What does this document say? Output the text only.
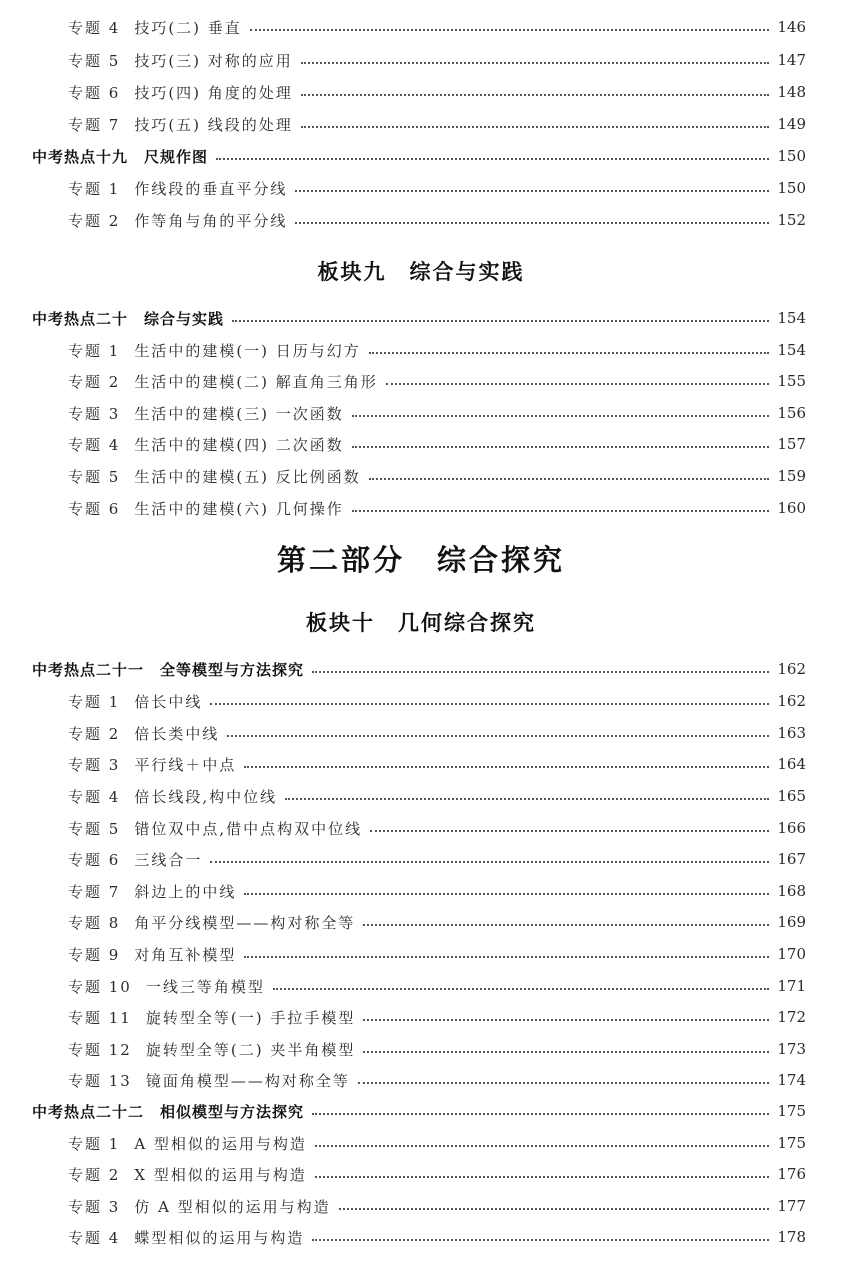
专题 4 技巧(二) 垂直	146
专题 5 技巧(三) 对称的应用	147
专题 6 技巧(四) 角度的处理	148
专题 7 技巧(五) 线段的处理	149
中考热点十九 尺规作图	150
专题 1 作线段的垂直平分线	150
专题 2 作等角与角的平分线	152
板块九　综合与实践
中考热点二十 综合与实践	154
专题 1 生活中的建模(一) 日历与幻方	154
专题 2 生活中的建模(二) 解直角三角形	155
专题 3 生活中的建模(三) 一次函数	156
专题 4 生活中的建模(四) 二次函数	157
专题 5 生活中的建模(五) 反比例函数	159
专题 6 生活中的建模(六) 几何操作	160
第二部分　综合探究
板块十　几何综合探究
中考热点二十一 全等模型与方法探究	162
专题 1 倍长中线	162
专题 2 倍长类中线	163
专题 3 平行线＋中点	164
专题 4 倍长线段,构中位线	165
专题 5 错位双中点,借中点构双中位线	166
专题 6 三线合一	167
专题 7 斜边上的中线	168
专题 8 角平分线模型——构对称全等	169
专题 9 对角互补模型	170
专题 10 一线三等角模型	171
专题 11 旋转型全等(一) 手拉手模型	172
专题 12 旋转型全等(二) 夹半角模型	173
专题 13 镜面角模型——构对称全等	174
中考热点二十二 相似模型与方法探究	175
专题 1 A 型相似的运用与构造	175
专题 2 X 型相似的运用与构造	176
专题 3 仿 A 型相似的运用与构造	177
专题 4 蝶型相似的运用与构造	178
